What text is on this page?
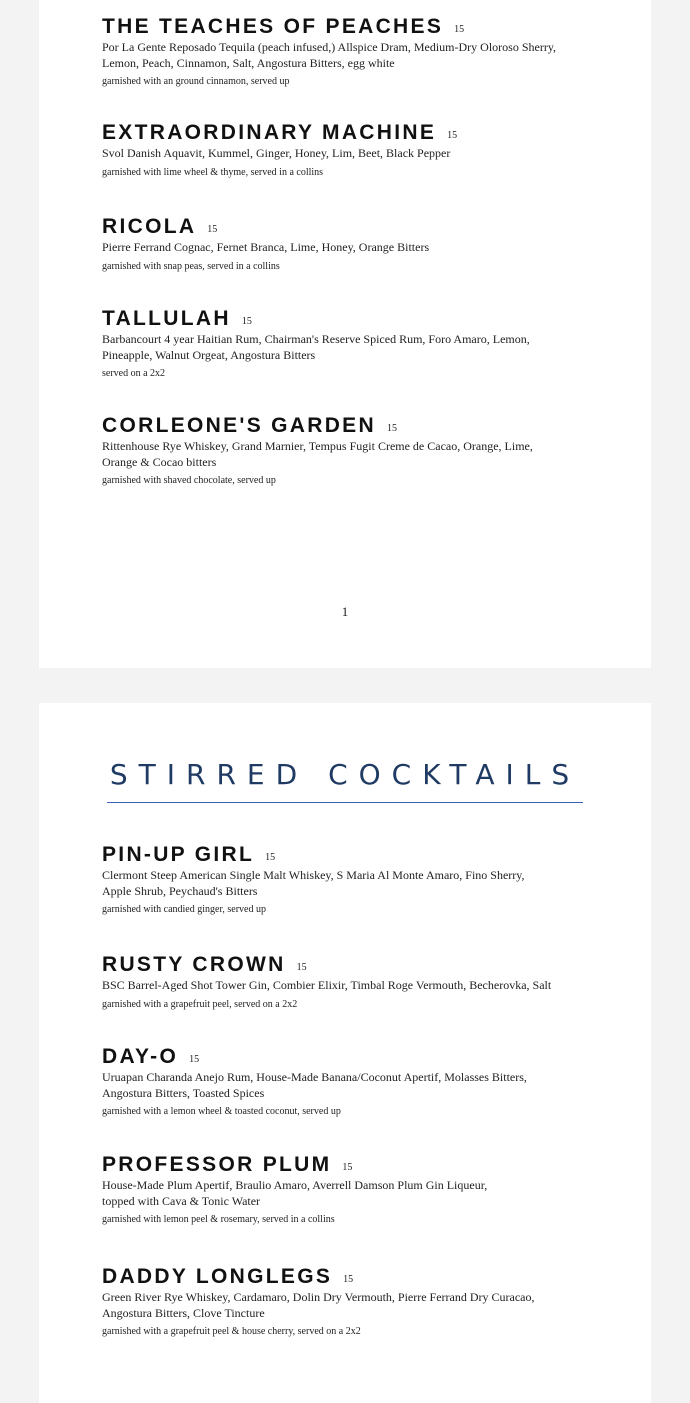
THE TEACHES OF PEACHES 15
Por La Gente Reposado Tequila (peach infused,) Allspice Dram, Medium-Dry Oloroso Sherry,
Lemon, Peach, Cinnamon, Salt, Angostura Bitters, egg white
garnished with an ground cinnamon, served up
EXTRAORDINARY MACHINE 15
Svol Danish Aquavit, Kummel, Ginger, Honey, Lim, Beet, Black Pepper
garnished with lime wheel & thyme, served in a collins
RICOLA 15
Pierre Ferrand Cognac, Fernet Branca, Lime, Honey, Orange Bitters
garnished with snap peas, served in a collins
TALLULAH 15
Barbancourt 4 year Haitian Rum, Chairman's Reserve Spiced Rum, Foro Amaro, Lemon,
Pineapple, Walnut Orgeat, Angostura Bitters
served on a 2x2
CORLEONE'S GARDEN 15
Rittenhouse Rye Whiskey, Grand Marnier, Tempus Fugit Creme de Cacao, Orange, Lime,
Orange & Cocao bitters
garnished with shaved chocolate, served up
1
STIRRED COCKTAILS
PIN-UP GIRL 15
Clermont Steep American Single Malt Whiskey, S Maria Al Monte Amaro, Fino Sherry,
Apple Shrub, Peychaud's Bitters
garnished with candied ginger, served up
RUSTY CROWN 15
BSC Barrel-Aged Shot Tower Gin, Combier Elixir, Timbal Roge Vermouth, Becherovka, Salt
garnished with a grapefruit peel, served on a 2x2
DAY-O 15
Uruapan Charanda Anejo Rum, House-Made Banana/Coconut Apertif, Molasses Bitters,
Angostura Bitters, Toasted Spices
garnished with a lemon wheel & toasted coconut, served up
PROFESSOR PLUM 15
House-Made Plum Apertif, Braulio Amaro, Averrell Damson Plum Gin Liqueur,
topped with Cava & Tonic Water
garnished with lemon peel & rosemary, served in a collins
DADDY LONGLEGS 15
Green River Rye Whiskey, Cardamaro, Dolin Dry Vermouth, Pierre Ferrand Dry Curacao,
Angostura Bitters, Clove Tincture
garnished with a grapefruit peel & house cherry, served on a 2x2
